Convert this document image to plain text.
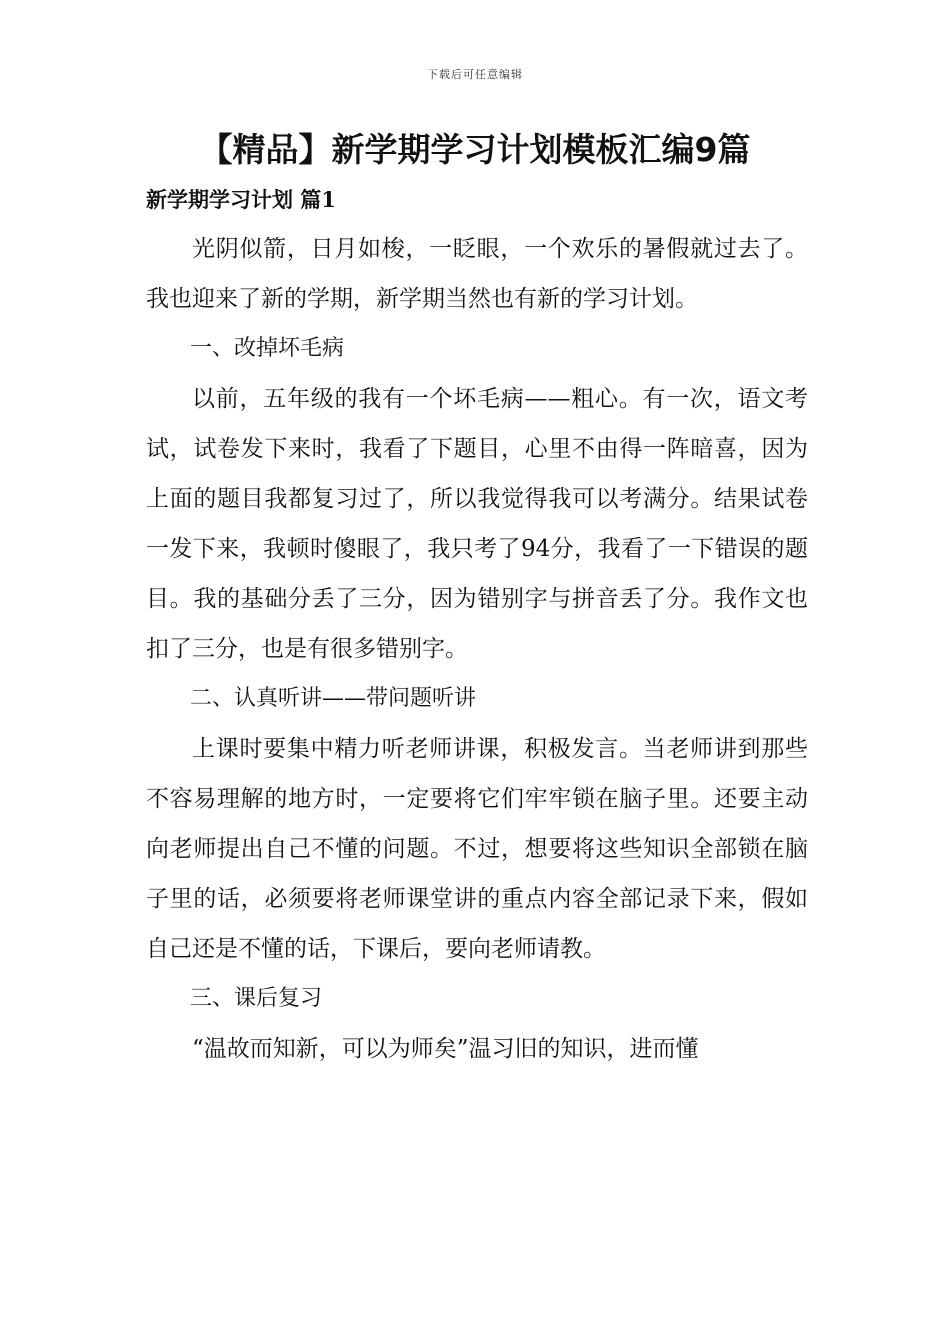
下载后可任意编辑
【精品】新学期学习计划模板汇编9篇
新学期学习计划 篇1

光阴似箭，日月如梭，一眨眼，一个欢乐的暑假就过去了。我也迎来了新的学期，新学期当然也有新的学习计划。

一、改掉坏毛病

以前，五年级的我有一个坏毛病——粗心。有一次，语文考试，试卷发下来时，我看了下题目，心里不由得一阵暗喜，因为上面的题目我都复习过了，所以我觉得我可以考满分。结果试卷一发下来，我顿时傻眼了，我只考了94分，我看了一下错误的题目。我的基础分丢了三分，因为错别字与拼音丢了分。我作文也扣了三分，也是有很多错别字。

二、认真听讲——带问题听讲

上课时要集中精力听老师讲课，积极发言。当老师讲到那些不容易理解的地方时，一定要将它们牢牢锁在脑子里。还要主动向老师提出自己不懂的问题。不过，想要将这些知识全部锁在脑子里的话，必须要将老师课堂讲的重点内容全部记录下来，假如自己还是不懂的话，下课后，要向老师请教。

三、课后复习

“温故而知新，可以为师矣”温习旧的知识，进而懂
